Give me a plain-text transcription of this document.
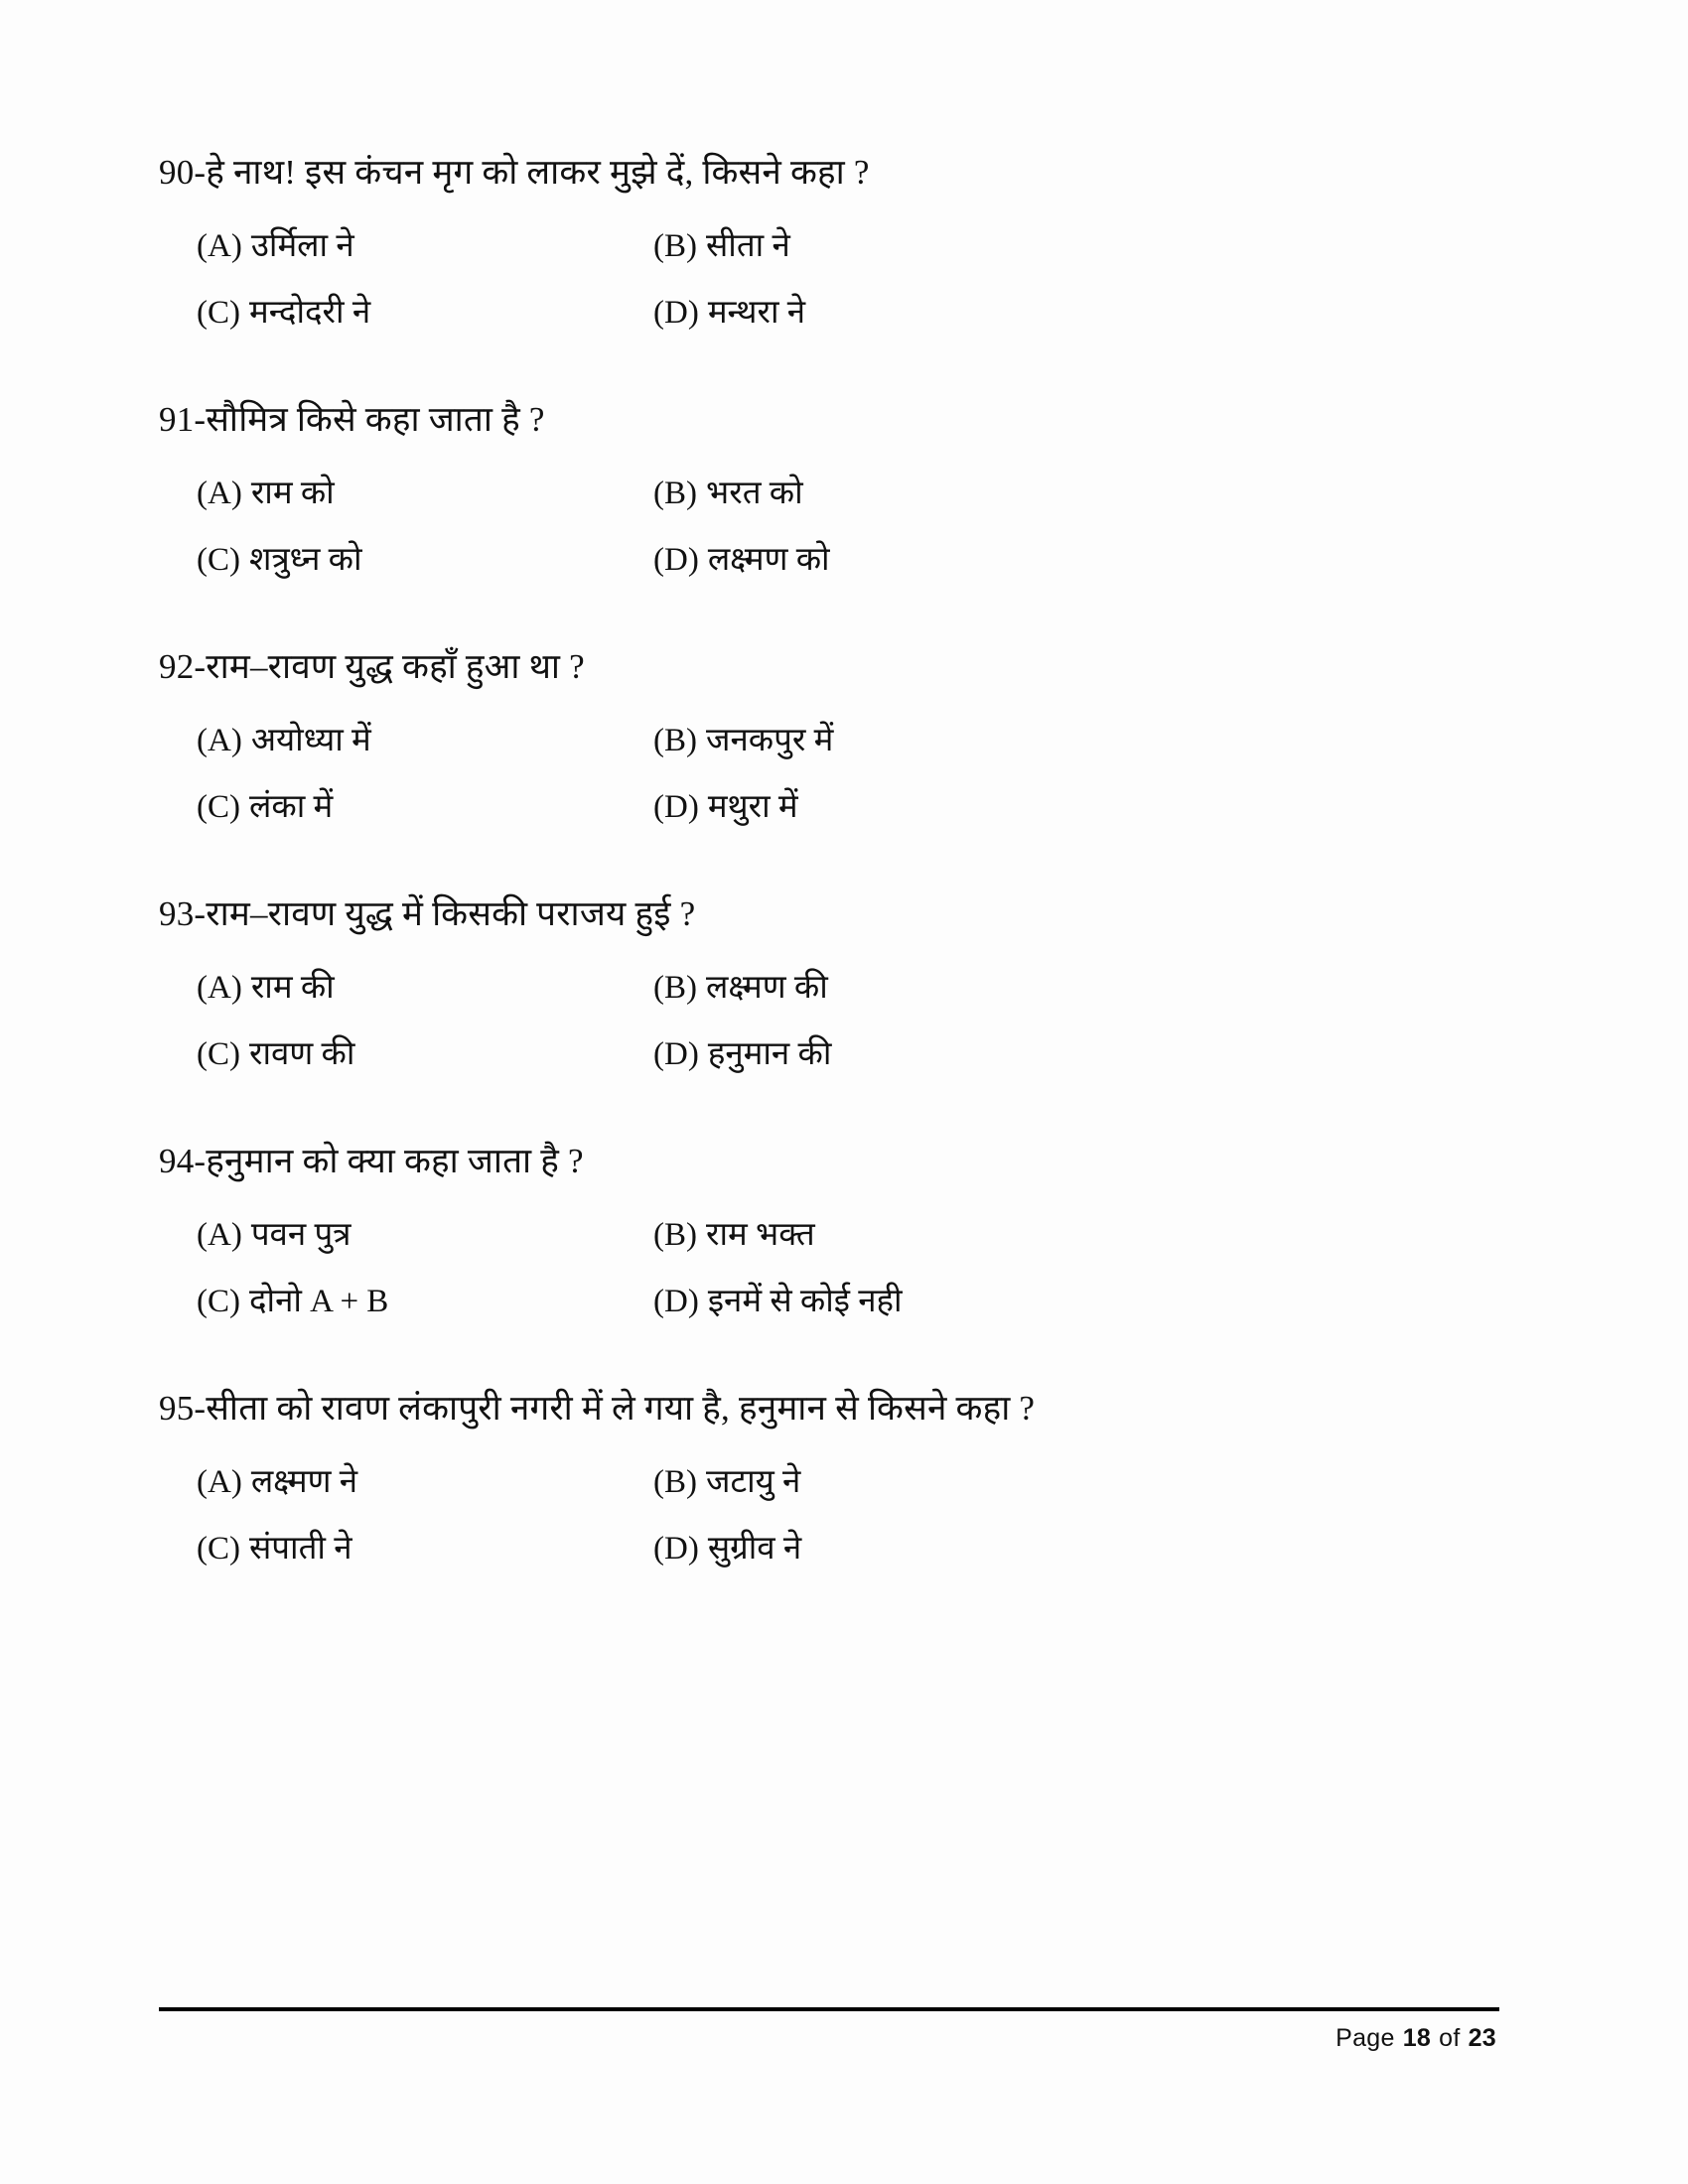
90-हे नाथ! इस कंचन मृग को लाकर मुझे दें, किसने कहा ?
(A) उर्मिला ने	(B) सीता ने
(C) मन्दोदरी ने	(D) मन्थरा ने
91-सौमित्र किसे कहा जाता है ?
(A) राम को	(B) भरत को
(C) शत्रुध्न को	(D) लक्ष्मण को
92-राम–रावण युद्ध कहाँ हुआ था ?
(A) अयोध्या में	(B) जनकपुर में
(C) लंका में	(D) मथुरा में
93-राम–रावण युद्ध में किसकी पराजय हुई ?
(A) राम की	(B) लक्ष्मण की
(C) रावण की	(D) हनुमान की
94-हनुमान को क्या कहा जाता है ?
(A) पवन पुत्र	(B) राम भक्त
(C) दोनो A + B	(D) इनमें से कोई नही
95-सीता को रावण लंकापुरी नगरी में ले गया है, हनुमान से किसने कहा ?
(A) लक्ष्मण ने	(B) जटायु ने
(C) संपाती ने	(D) सुग्रीव ने
Page 18 of 23
